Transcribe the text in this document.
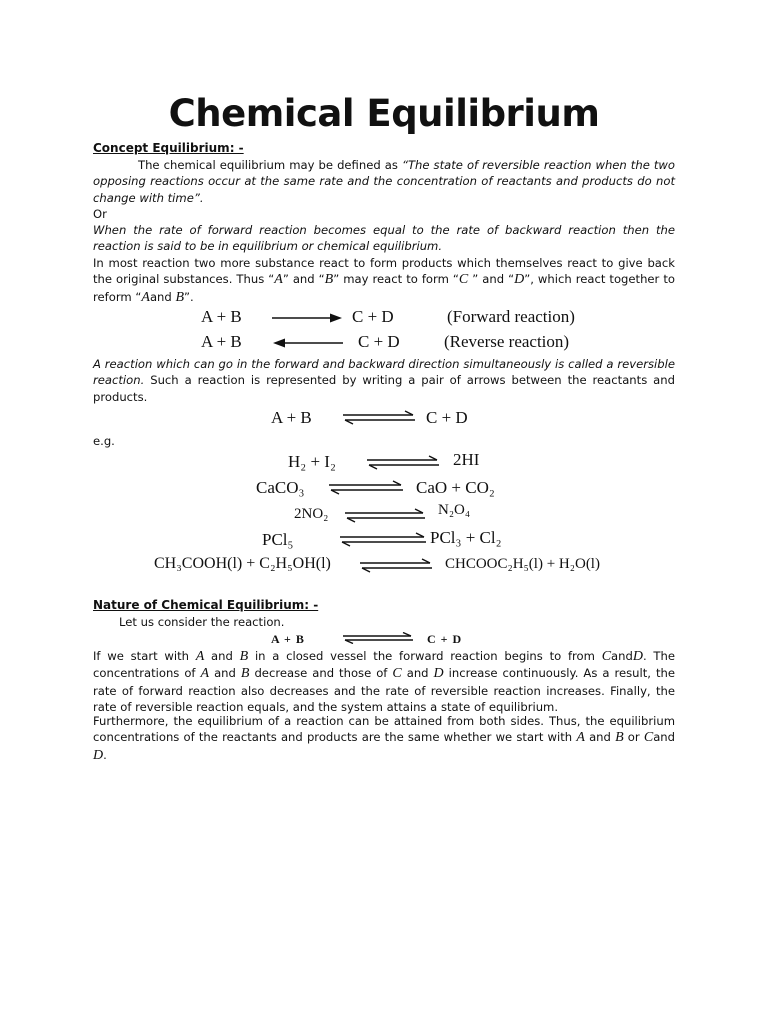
Chemical Equilibrium
Concept Equilibrium: -
The chemical equilibrium may be defined as “The state of reversible reaction when the two opposing reactions occur at the same rate and the concentration of reactants and products do not change with time”.
Or
When the rate of forward reaction becomes equal to the rate of backward reaction then the reaction is said to be in equilibrium or chemical equilibrium.
In most reaction two more substance react to form products which themselves react to give back the original substances. Thus “A” and “B” may react to form “C ” and “D”, which react together to reform “Aand B”.
A + B	C + D	(Forward reaction)
A + B	C + D	(Reverse reaction)
A reaction which can go in the forward and backward direction simultaneously is called a reversible reaction. Such a reaction is represented by writing a pair of arrows between the reactants and products.
A + B	C + D
e.g.
H₂ + I₂	2HI
CaCO₃	CaO + CO₂
2NO₂	N₂O₄
PCl₅	PCl₃ + Cl₂
CH₃COOH(l) + C₂H₅OH(l)	CHCOOC₂H₅(l) + H₂O(l)
Nature of Chemical Equilibrium: -
Let us consider the reaction.
A + B	C + D
If we start with A and B in a closed vessel the forward reaction begins to from CandD. The concentrations of A and B decrease and those of C and D increase continuously. As a result, the rate of forward reaction also decreases and the rate of reversible reaction increases. Finally, the rate of reversible reaction equals, and the system attains a state of equilibrium.
Furthermore, the equilibrium of a reaction can be attained from both sides. Thus, the equilibrium concentrations of the reactants and products are the same whether we start with A and B or Cand D.
